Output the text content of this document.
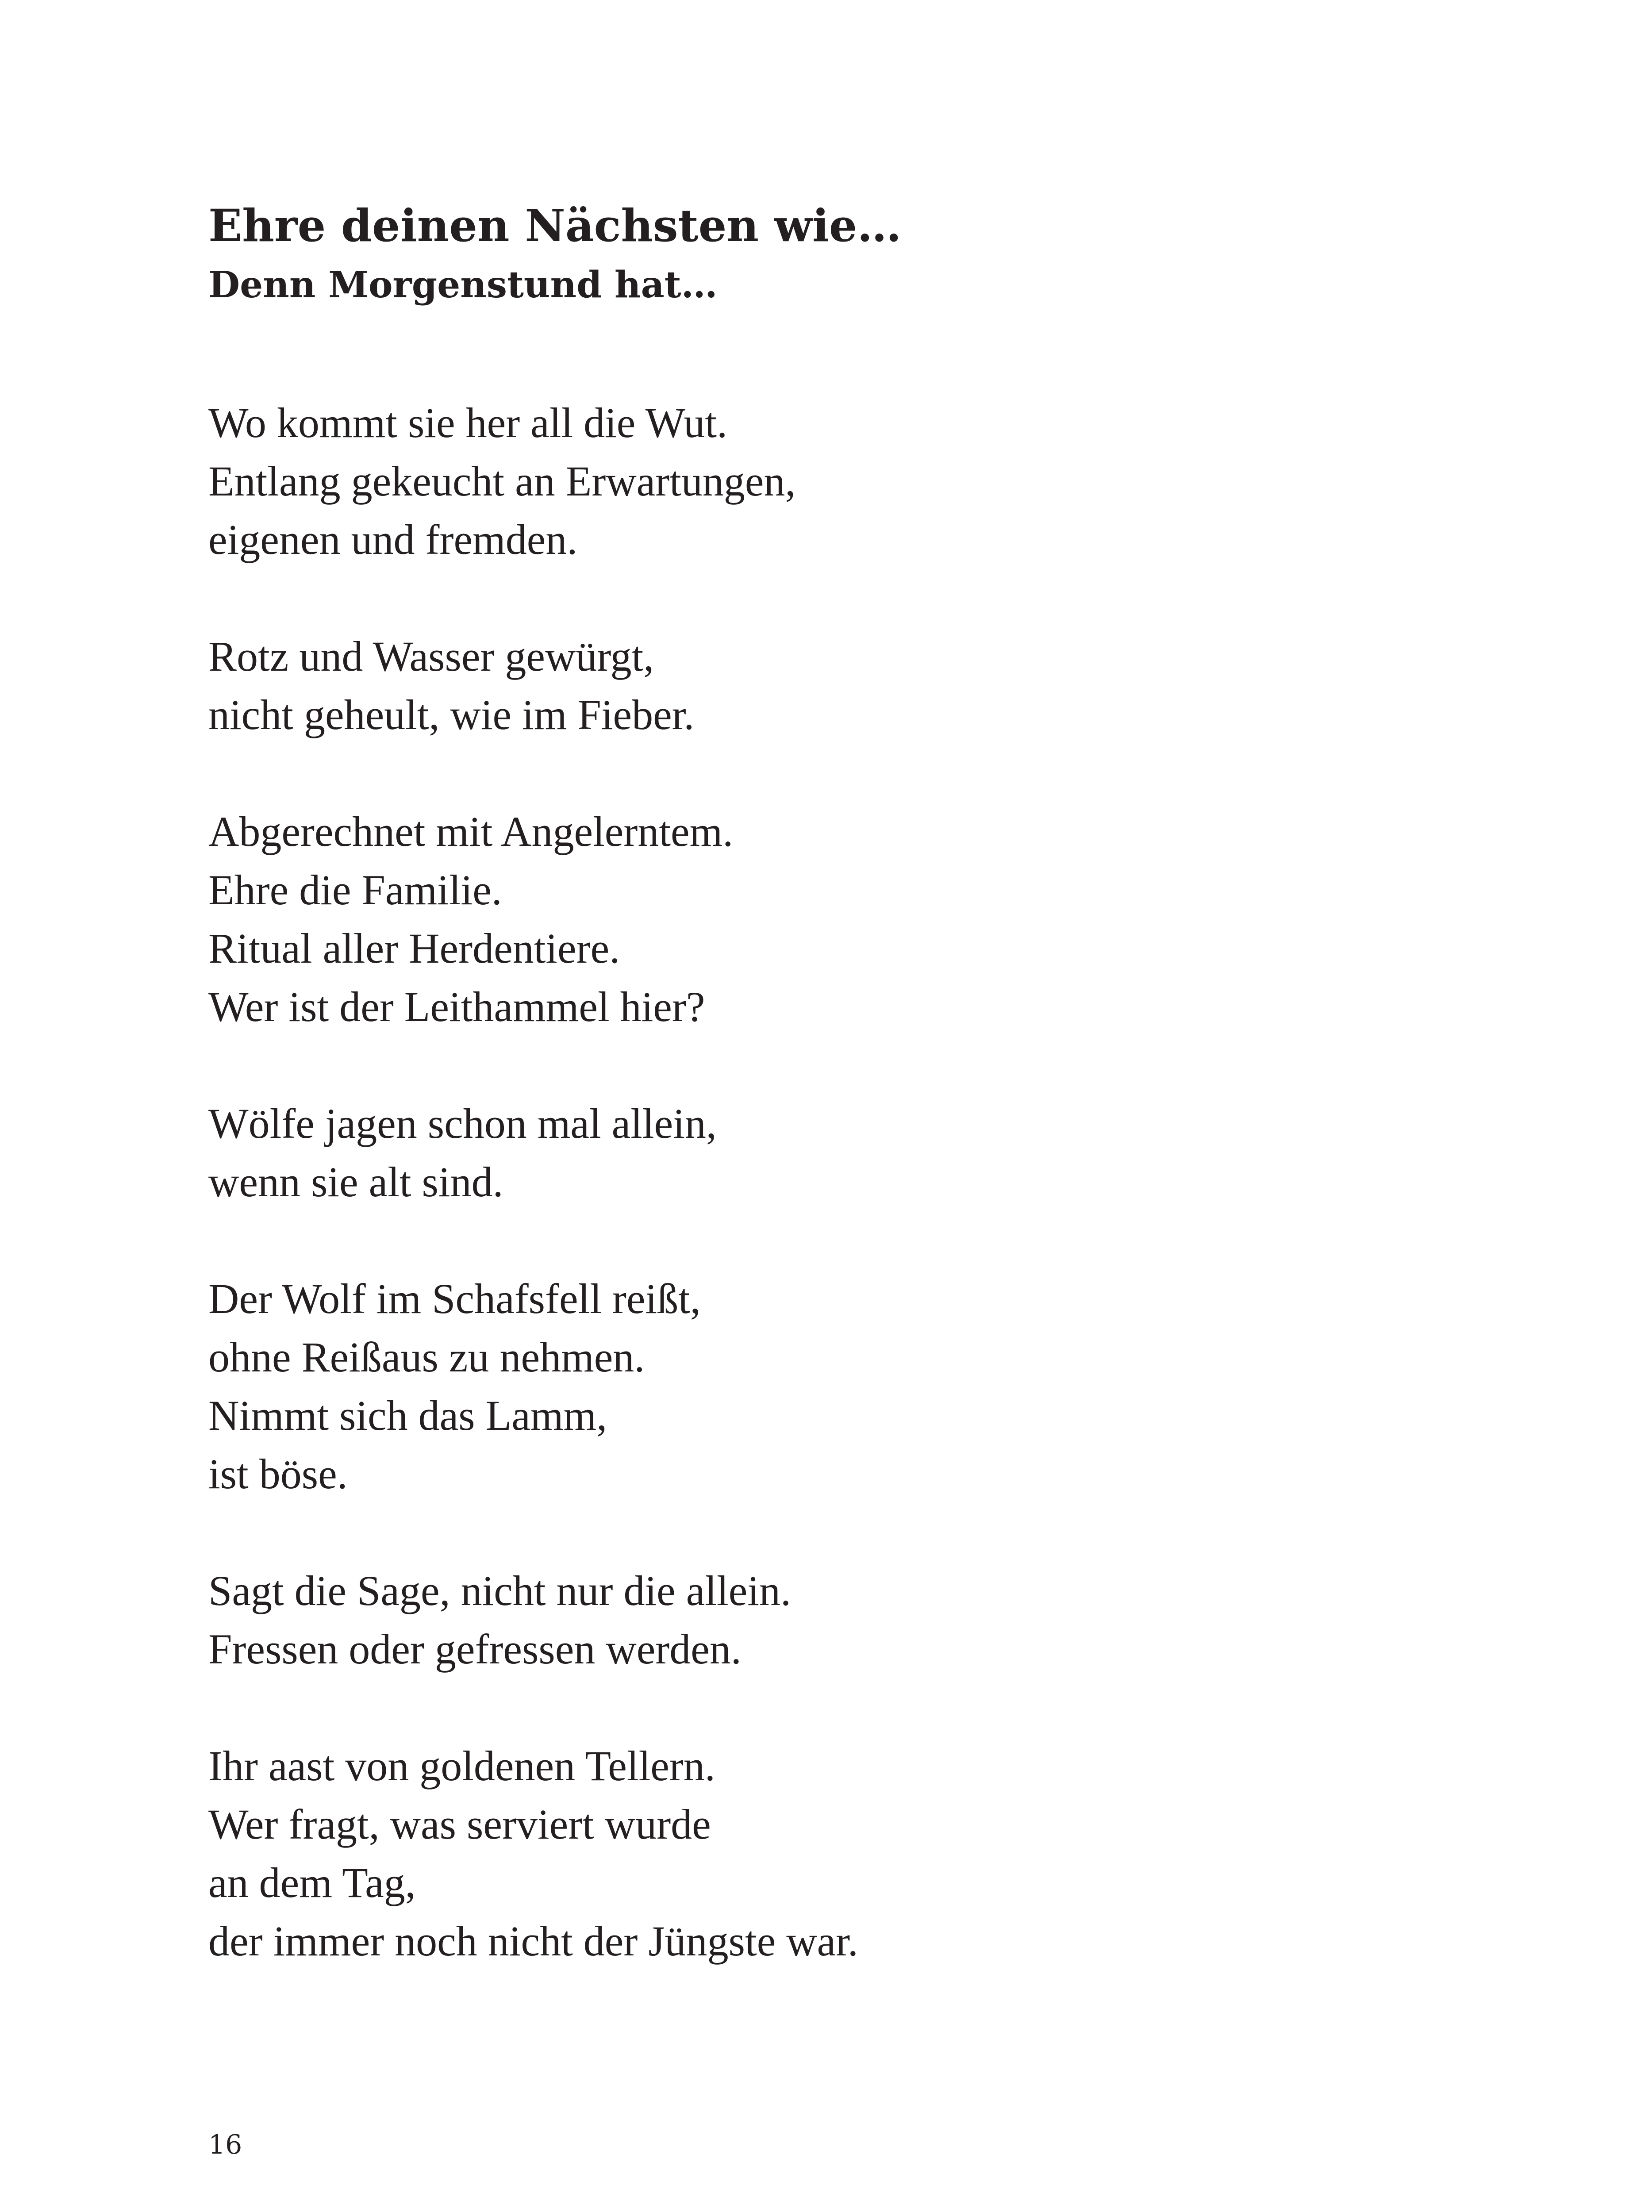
Ehre deinen Nächsten wie…
Denn Morgenstund hat…

Wo kommt sie her all die Wut.
Entlang gekeucht an Erwartungen,
eigenen und fremden.

Rotz und Wasser gewürgt,
nicht geheult, wie im Fieber.

Abgerechnet mit Angelerntem.
Ehre die Familie.
Ritual aller Herdentiere.
Wer ist der Leithammel hier?

Wölfe jagen schon mal allein,
wenn sie alt sind.

Der Wolf im Schafsfell reißt,
ohne Reißaus zu nehmen.
Nimmt sich das Lamm,
ist böse.

Sagt die Sage, nicht nur die allein.
Fressen oder gefressen werden.

Ihr aast von goldenen Tellern.
Wer fragt, was serviert wurde
an dem Tag,
der immer noch nicht der Jüngste war.

16
